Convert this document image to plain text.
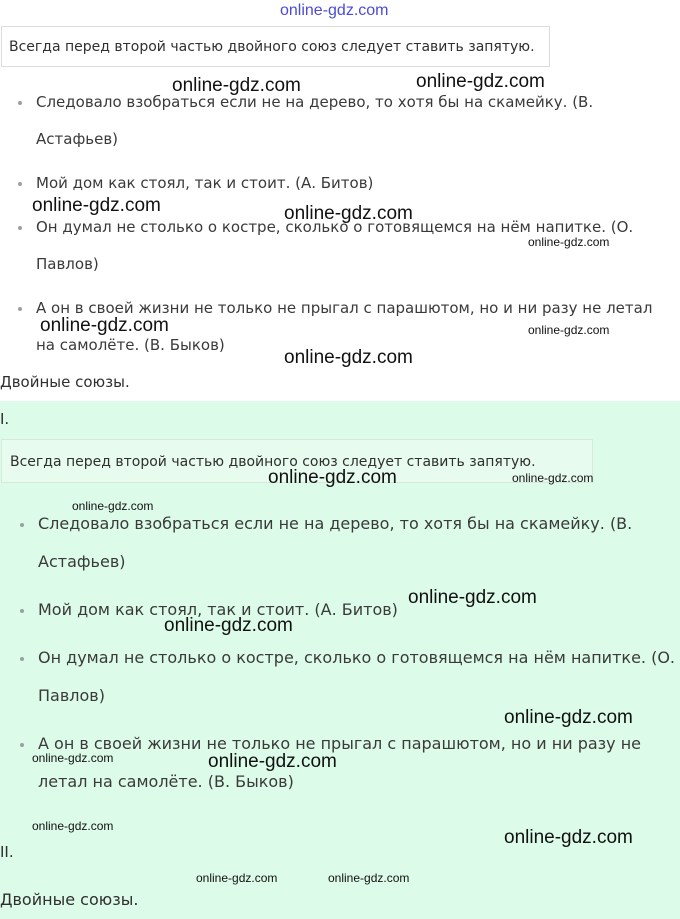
online-gdz.com
Всегда перед второй частью двойного союз следует ставить запятую.
Следовало взобраться если не на дерево, то хотя бы на скамейку. (В. Астафьев)
Мой дом как стоял, так и стоит. (А. Битов)
Он думал не столько о костре, сколько о готовящемся на нём напитке. (О. Павлов)
А он в своей жизни не только не прыгал с парашютом, но и ни разу не летал на самолёте. (В. Быков)
Двойные союзы.
I.
Всегда перед второй частью двойного союз следует ставить запятую.
Следовало взобраться если не на дерево, то хотя бы на скамейку. (В. Астафьев)
Мой дом как стоял, так и стоит. (А. Битов)
Он думал не столько о костре, сколько о готовящемся на нём напитке. (О. Павлов)
А он в своей жизни не только не прыгал с парашютом, но и ни разу не летал на самолёте. (В. Быков)
II.
Двойные союзы.
online-gdz.com	online-gdz.com
online-gdz.com	online-gdz.com
online-gdz.com
online-gdz.com	online-gdz.com
online-gdz.com
online-gdz.com	online-gdz.com
online-gdz.com
online-gdz.com
online-gdz.com
online-gdz.com
online-gdz.com
online-gdz.com
online-gdz.com
online-gdz.com
online-gdz.com	online-gdz.com
